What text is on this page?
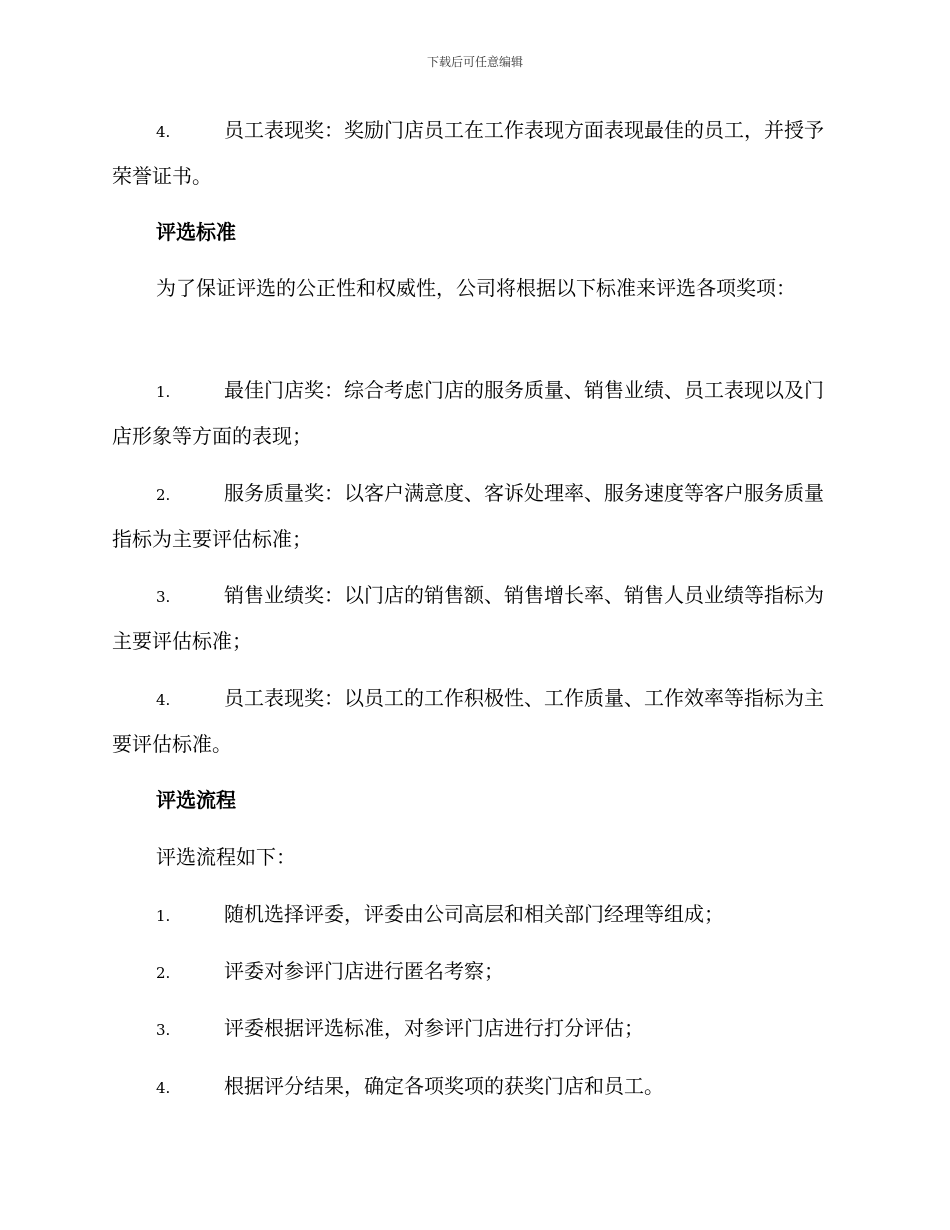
下载后可任意编辑
4.	员工表现奖：奖励门店员工在工作表现方面表现最佳的员工，并授予荣誉证书。
评选标准
为了保证评选的公正性和权威性，公司将根据以下标准来评选各项奖项：
1.	最佳门店奖：综合考虑门店的服务质量、销售业绩、员工表现以及门店形象等方面的表现；
2.	服务质量奖：以客户满意度、客诉处理率、服务速度等客户服务质量指标为主要评估标准；
3.	销售业绩奖：以门店的销售额、销售增长率、销售人员业绩等指标为主要评估标准；
4.	员工表现奖：以员工的工作积极性、工作质量、工作效率等指标为主要评估标准。
评选流程
评选流程如下：
1.	随机选择评委，评委由公司高层和相关部门经理等组成；
2.	评委对参评门店进行匿名考察；
3.	评委根据评选标准，对参评门店进行打分评估；
4.	根据评分结果，确定各项奖项的获奖门店和员工。
